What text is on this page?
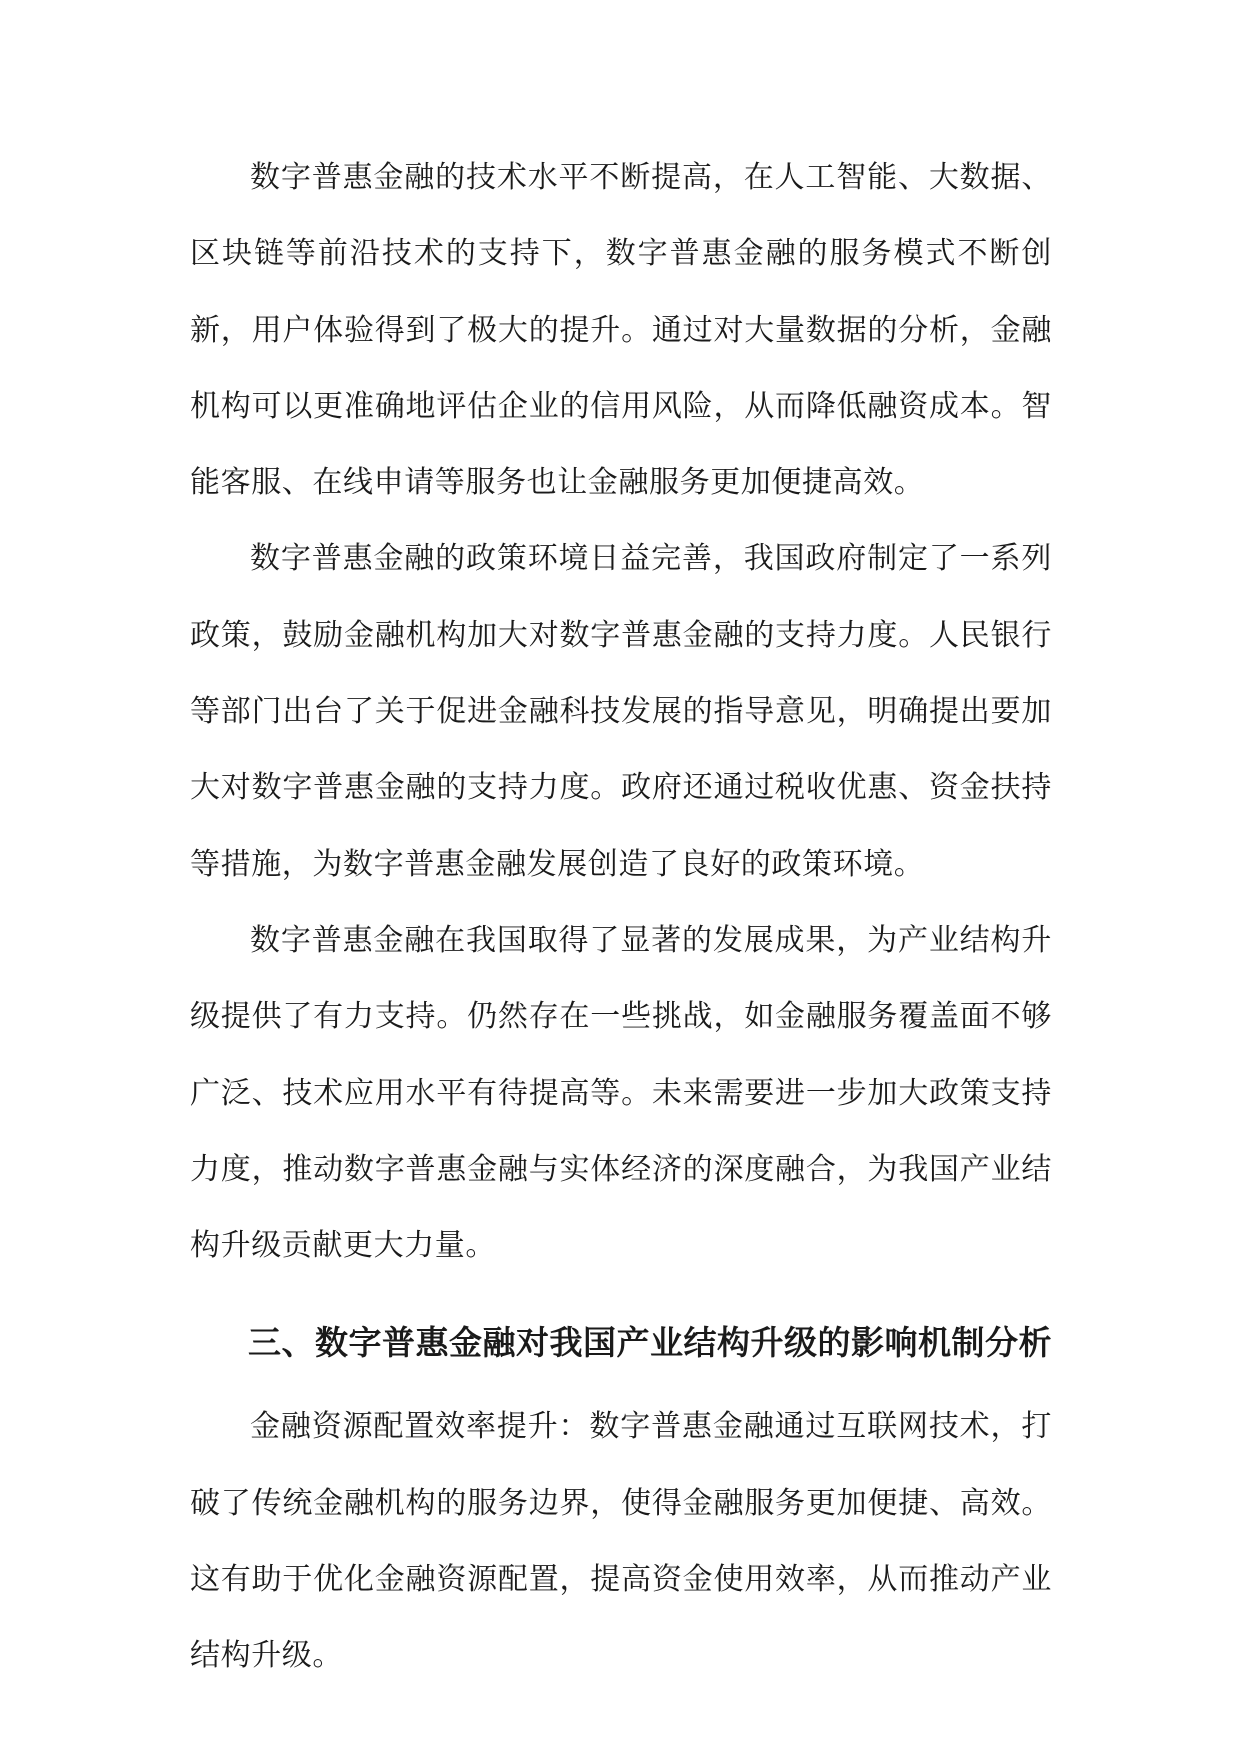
数字普惠金融的技术水平不断提高，在人工智能、大数据、区块链等前沿技术的支持下，数字普惠金融的服务模式不断创新，用户体验得到了极大的提升。通过对大量数据的分析，金融机构可以更准确地评估企业的信用风险，从而降低融资成本。智能客服、在线申请等服务也让金融服务更加便捷高效。

数字普惠金融的政策环境日益完善，我国政府制定了一系列政策，鼓励金融机构加大对数字普惠金融的支持力度。人民银行等部门出台了关于促进金融科技发展的指导意见，明确提出要加大对数字普惠金融的支持力度。政府还通过税收优惠、资金扶持等措施，为数字普惠金融发展创造了良好的政策环境。

数字普惠金融在我国取得了显著的发展成果，为产业结构升级提供了有力支持。仍然存在一些挑战，如金融服务覆盖面不够广泛、技术应用水平有待提高等。未来需要进一步加大政策支持力度，推动数字普惠金融与实体经济的深度融合，为我国产业结构升级贡献更大力量。

三、数字普惠金融对我国产业结构升级的影响机制分析

金融资源配置效率提升：数字普惠金融通过互联网技术，打破了传统金融机构的服务边界，使得金融服务更加便捷、高效。这有助于优化金融资源配置，提高资金使用效率，从而推动产业结构升级。
